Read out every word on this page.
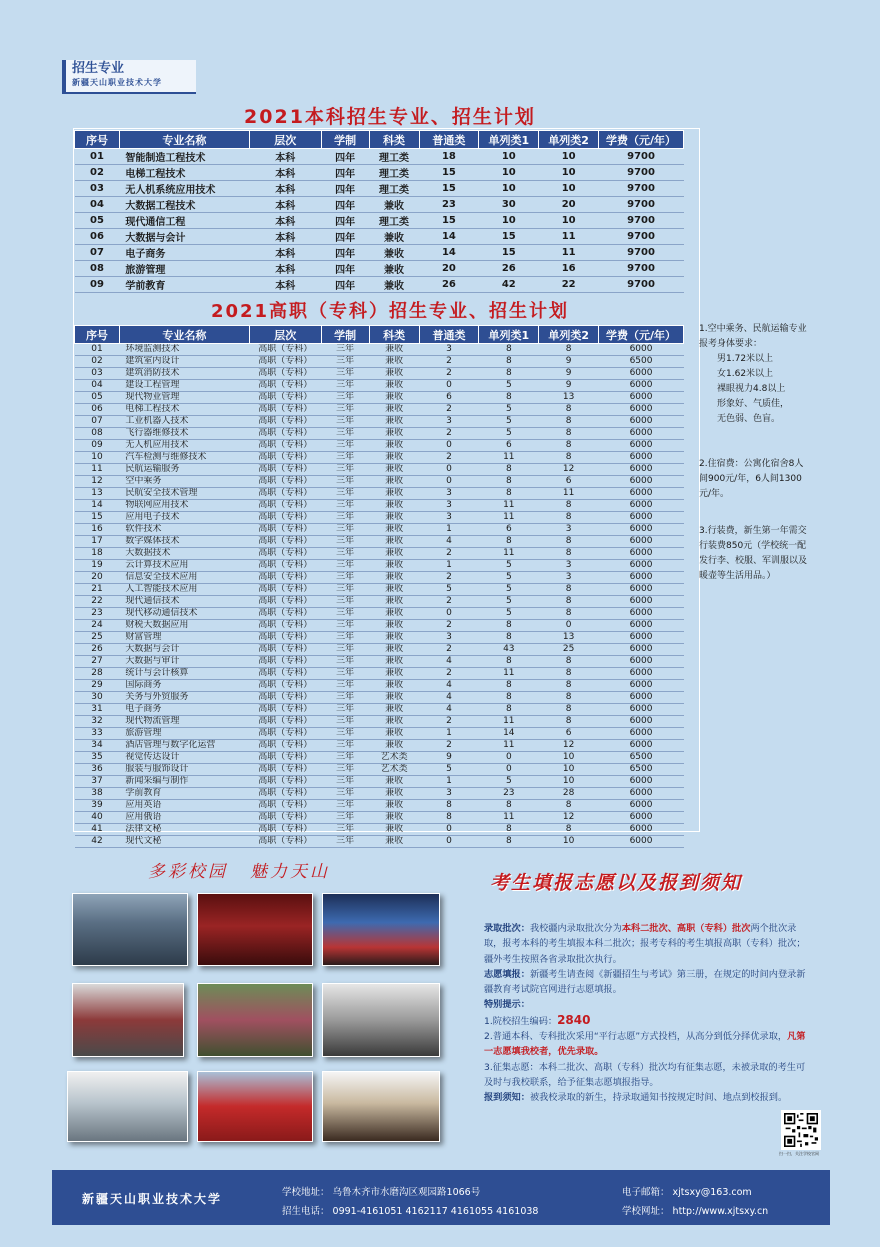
招生专业
新疆天山职业技术大学
2021本科招生专业、招生计划
序号	专业名称	层次	学制	科类	普通类	单列类1	单列类2	学费（元/年）
01	智能制造工程技术	本科	四年	理工类	18	10	10	9700
02	电梯工程技术	本科	四年	理工类	15	10	10	9700
03	无人机系统应用技术	本科	四年	理工类	15	10	10	9700
04	大数据工程技术	本科	四年	兼收	23	30	20	9700
05	现代通信工程	本科	四年	理工类	15	10	10	9700
06	大数据与会计	本科	四年	兼收	14	15	11	9700
07	电子商务	本科	四年	兼收	14	15	11	9700
08	旅游管理	本科	四年	兼收	20	26	16	9700
09	学前教育	本科	四年	兼收	26	42	22	9700
2021高职（专科）招生专业、招生计划
序号	专业名称	层次	学制	科类	普通类	单列类1	单列类2	学费（元/年）
01	环境监测技术	高职（专科）	三年	兼收	3	8	8	6000
02	建筑室内设计	高职（专科）	三年	兼收	2	8	9	6500
03	建筑消防技术	高职（专科）	三年	兼收	2	8	9	6000
04	建设工程管理	高职（专科）	三年	兼收	0	5	9	6000
05	现代物业管理	高职（专科）	三年	兼收	6	8	13	6000
06	电梯工程技术	高职（专科）	三年	兼收	2	5	8	6000
07	工业机器人技术	高职（专科）	三年	兼收	3	5	8	6000
08	飞行器维修技术	高职（专科）	三年	兼收	2	5	8	6000
09	无人机应用技术	高职（专科）	三年	兼收	0	6	8	6000
10	汽车检测与维修技术	高职（专科）	三年	兼收	2	11	8	6000
11	民航运输服务	高职（专科）	三年	兼收	0	8	12	6000
12	空中乘务	高职（专科）	三年	兼收	0	8	6	6000
13	民航安全技术管理	高职（专科）	三年	兼收	3	8	11	6000
14	物联网应用技术	高职（专科）	三年	兼收	3	11	8	6000
15	应用电子技术	高职（专科）	三年	兼收	3	11	8	6000
16	软件技术	高职（专科）	三年	兼收	1	6	3	6000
17	数字媒体技术	高职（专科）	三年	兼收	4	8	8	6000
18	大数据技术	高职（专科）	三年	兼收	2	11	8	6000
19	云计算技术应用	高职（专科）	三年	兼收	1	5	3	6000
20	信息安全技术应用	高职（专科）	三年	兼收	2	5	3	6000
21	人工智能技术应用	高职（专科）	三年	兼收	5	5	8	6000
22	现代通信技术	高职（专科）	三年	兼收	2	5	8	6000
23	现代移动通信技术	高职（专科）	三年	兼收	0	5	8	6000
24	财税大数据应用	高职（专科）	三年	兼收	2	8	0	6000
25	财富管理	高职（专科）	三年	兼收	3	8	13	6000
26	大数据与会计	高职（专科）	三年	兼收	2	43	25	6000
27	大数据与审计	高职（专科）	三年	兼收	4	8	8	6000
28	统计与会计核算	高职（专科）	三年	兼收	2	11	8	6000
29	国际商务	高职（专科）	三年	兼收	4	8	8	6000
30	关务与外贸服务	高职（专科）	三年	兼收	4	8	8	6000
31	电子商务	高职（专科）	三年	兼收	4	8	8	6000
32	现代物流管理	高职（专科）	三年	兼收	2	11	8	6000
33	旅游管理	高职（专科）	三年	兼收	1	14	6	6000
34	酒店管理与数字化运营	高职（专科）	三年	兼收	2	11	12	6000
35	视觉传达设计	高职（专科）	三年	艺术类	9	0	10	6500
36	服装与服饰设计	高职（专科）	三年	艺术类	5	0	10	6500
37	新闻采编与制作	高职（专科）	三年	兼收	1	5	10	6000
38	学前教育	高职（专科）	三年	兼收	3	23	28	6000
39	应用英语	高职（专科）	三年	兼收	8	8	8	6000
40	应用俄语	高职（专科）	三年	兼收	8	11	12	6000
41	法律文秘	高职（专科）	三年	兼收	0	8	8	6000
42	现代文秘	高职（专科）	三年	兼收	0	8	10	6000

1.空中乘务、民航运输专业报考身体要求：
男1.72米以上
女1.62米以上
裸眼视力4.8以上
形象好、气质佳，
无色弱、色盲。

2.住宿费：公寓化宿舍8人间900元/年，6人间1300元/年。

3.行装费，新生第一年需交行装费850元（学校统一配发行李、校服、军训服以及暖壶等生活用品。）

多彩校园 魅力天山	考生填报志愿以及报到须知
录取批次：我校疆内录取批次分为本科二批次、高职（专科）批次两个批次录取，报考本科的考生填报本科二批次；报考专科的考生填报高职（专科）批次；疆外考生按照各省录取批次执行。
志愿填报：新疆考生请查阅《新疆招生与考试》第三册，在规定的时间内登录新疆教育考试院官网进行志愿填报。
特别提示：
1.院校招生编码：2840
2.普通本科、专科批次采用“平行志愿”方式投档，从高分到低分择优录取，凡第一志愿填我校者，优先录取。
3.征集志愿：本科二批次、高职（专科）批次均有征集志愿，未被录取的考生可及时与我校联系，给予征集志愿填报指导。
报到须知：被我校录取的新生，持录取通知书按规定时间、地点到校报到。
扫一扫，关注学校官网
新疆天山职业技术大学	学校地址： 乌鲁木齐市水磨沟区观园路1066号
招生电话： 0991-4161051 4162117 4161055 4161038
电子邮箱： xjtsxy@163.com
学校网址： http://www.xjtsxy.cn
